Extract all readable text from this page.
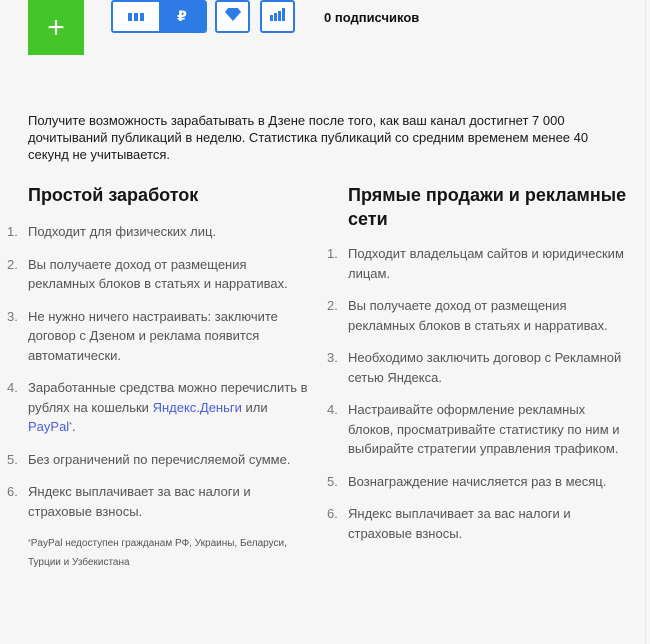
+	₽	0 подписчиков
Получите возможность зарабатывать в Дзене после того, как ваш канал достигнет 7 000 дочитываний публикаций в неделю. Статистика публикаций со средним временем менее 40 секунд не учитывается.
Простой заработок
1. Подходит для физических лиц.
2. Вы получаете доход от размещения рекламных блоков в статьях и нарративах.
3. Не нужно ничего настраивать: заключите договор с Дзеном и реклама появится автоматически.
4. Заработанные средства можно перечислить в рублях на кошельки Яндекс.Деньги или PayPal*.
5. Без ограничений по перечисляемой сумме.
6. Яндекс выплачивает за вас налоги и страховые взносы.
*PayPal недоступен гражданам РФ, Украины, Беларуси, Турции и Узбекистана
Прямые продажи и рекламные сети
1. Подходит владельцам сайтов и юридическим лицам.
2. Вы получаете доход от размещения рекламных блоков в статьях и нарративах.
3. Необходимо заключить договор с Рекламной сетью Яндекса.
4. Настраивайте оформление рекламных блоков, просматривайте статистику по ним и выбирайте стратегии управления трафиком.
5. Вознаграждение начисляется раз в месяц.
6. Яндекс выплачивает за вас налоги и страховые взносы.
